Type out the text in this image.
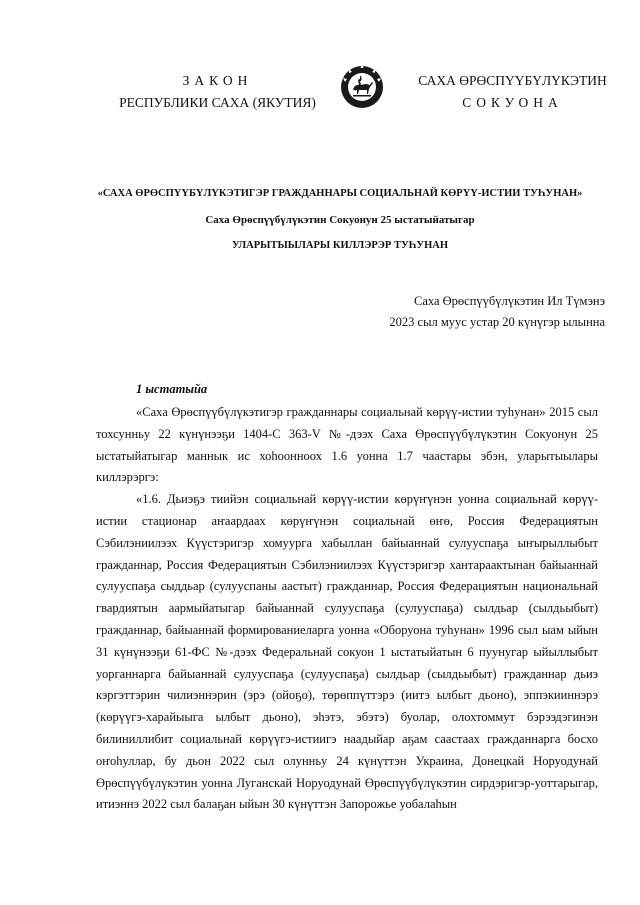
ЗАКОН
РЕСПУБЛИКИ САХА (ЯКУТИЯ)
САХА ӨРӨСПҮҮБҮЛҮКЭТИН
СОКУОНА
«САХА ӨРӨСПҮҮБҮЛҮКЭТИГЭР ГРАЖДАННАРЫ СОЦИАЛЬНАЙ КӨРҮҮ-ИСТИИ ТУҺУНАН»
Саха Өрөспүүбүлүкэтин Сокуонун 25 ыстатыйатыгар
УЛАРЫТЫЫЛАРЫ КИЛЛЭРЭР ТУҺУНАН
Саха Өрөспүүбүлүкэтин Ил Түмэнэ
2023 сыл муус устар 20 күнүгэр ылынна
1 ыстатыйа

«Саха Өрөспүүбүлүкэтигэр гражданнары социальнай көрүү-истии туһунан» 2015 сыл тохсунньу 22 күнүнээҕи 1404-С 363-V №-дээх Саха Өрөспүүбүлүкэтин Сокуонун 25 ыстатыйатыгар маннык ис хоһоонноох 1.6 уонна 1.7 чаастары эбэн, уларытыылары киллэрэргэ:

«1.6. Дьиэҕэ тиийэн социальнай көрүү-истии көрүҥүнэн уонна социальнай көрүү-истии стационар аҥаардаах көрүҥүнэн социальнай өҥө, Россия Федерациятын Сэбилэниилээх Күүстэригэр хомуурга хабыллан байыаннай сулууспаҕа ыҥырыллыбыт гражданнар, Россия Федерациятын Сэбилэниилээх Күүстэригэр хантараактынан байыаннай сулууспаҕа сыддьар (сулууспаны аастыт) гражданнар, Россия Федерациятын национальнай гвардиятын аармыйатыгар байыаннай сулууспаҕа (сулууспаҕа) сылдьар (сылдьыбыт) гражданнар, байыаннай формированиеларга уонна «Оборуона туһунан» 1996 сыл ыам ыйын 31 күнүнээҕи 61-ФС №-дээх Федеральнай сокуон 1 ыстатыйатын 6 пуунугар ыйыллыбыт уорганнарга байыаннай сулууспаҕа (сулууспаҕа) сылдьар (сылдьыбыт) гражданнар дьиэ кэргэттэрин чилиэннэрин (эрэ (ойоҕо), төрөппүттэрэ (иитэ ылбыт дьоно), эппэкииннэрэ (көрүүгэ-харайыыга ылбыт дьоно), эһэтэ, эбэтэ) буолар, олохтоммут бэрээдэгинэн билиниллибит социальнай көрүүгэ-истиигэ наадыйар аҕам саастаах гражданнарга босхо оҥоһуллар, бу дьон 2022 сыл олунньу 24 күнүттэн Украина, Донецкай Норуодунай Өрөспүүбүлүкэтин уонна Луганскай Норуодунай Өрөспүүбүлүкэтин сирдэригэр-уоттарыгар, итиэннэ 2022 сыл балаҕан ыйын 30 күнүттэн Запорожье уобалаһын
